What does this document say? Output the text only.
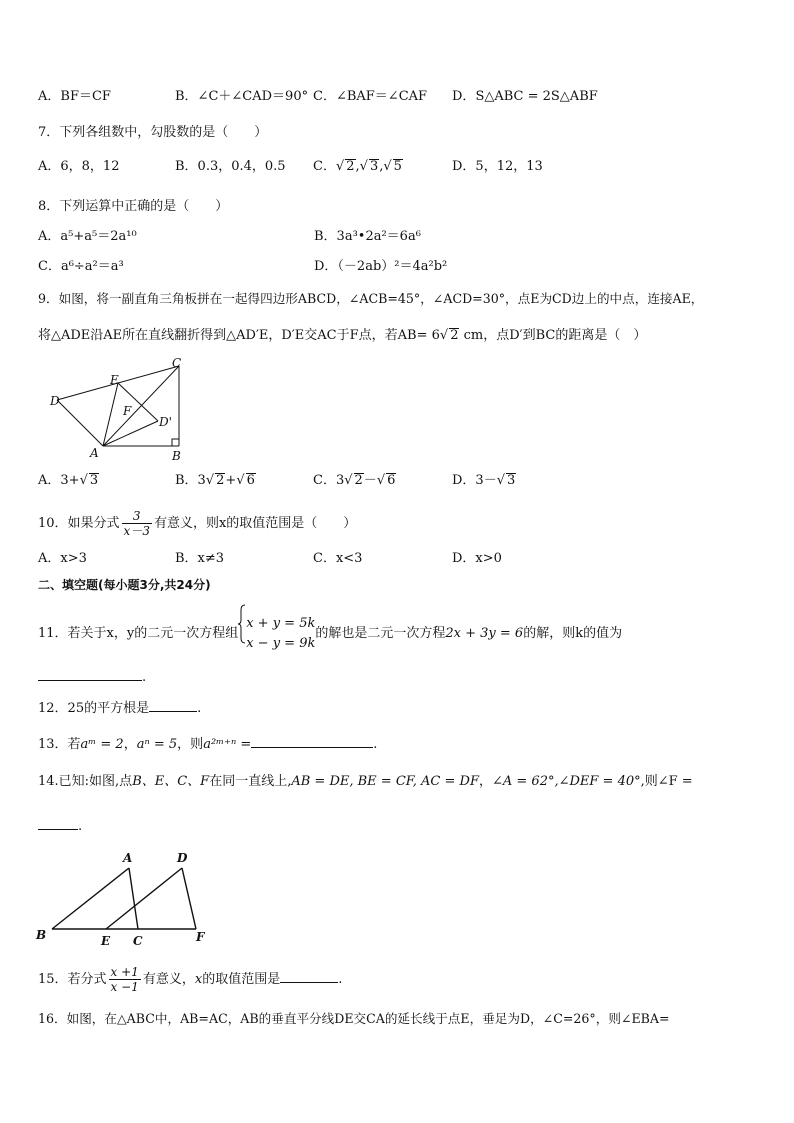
A．BF＝CF	B．∠C＋∠CAD＝90° C．∠BAF＝∠CAF D．S△ABC = 2S△ABF
7．下列各组数中，勾股数的是（　　）
A．6，8，12	B．0.3，0.4，0.5 C．√ 2,√ 3,√ 5	D．5，12，13
8．下列运算中正确的是（　　）
A．a⁵+a⁵＝2a¹⁰	B．3a³•2a²＝6a⁶
C．a⁶÷a²＝a³	D．（－2ab）²＝4a²b²
9．如图，将一副直角三角板拼在一起得四边形ABCD，∠ACB=45°，∠ACD=30°，点E为CD边上的中点，连接AE，
将△ADE沿AE所在直线翻折得到△AD′E，D′E交AC于F点，若AB= 6√ 2 cm，点D′到BC的距离是（　）
C
E
D
F
D'
A	B
A．3+√ 3	B．3√ 2+√ 6	C．3√ 2－√ 6	D．3－√ 3
10．如果分式 $\frac{3}{x-3}$ 有意义，则x的取值范围是（　　）
A．x>3	B．x≠3	C．x<3	D．x>0
二、填空题(每小题3分,共24分)
11．若关于x，y的二元一次方程组
x + y = 5k
x − y = 9k
的解也是二元一次方程2x + 3y = 6的解，则k的值为
.
12．25的平方根是	.
13．若aᵐ = 2，aⁿ = 5，则a²ᵐ⁺ⁿ =	.
14.已知:如图,点B、E、C、F在同一直线上,AB = DE, BE = CF, AC = DF，∠A = 62°,∠DEF = 40°,则∠F =
.
A	D
B	E C	F
15．若分式 $\frac{x +1}{x -1}$ 有意义，x的取值范围是	.
16．如图，在△ABC中，AB=AC，AB的垂直平分线DE交CA的延长线于点E，垂足为D，∠C=26°，则∠EBA=
